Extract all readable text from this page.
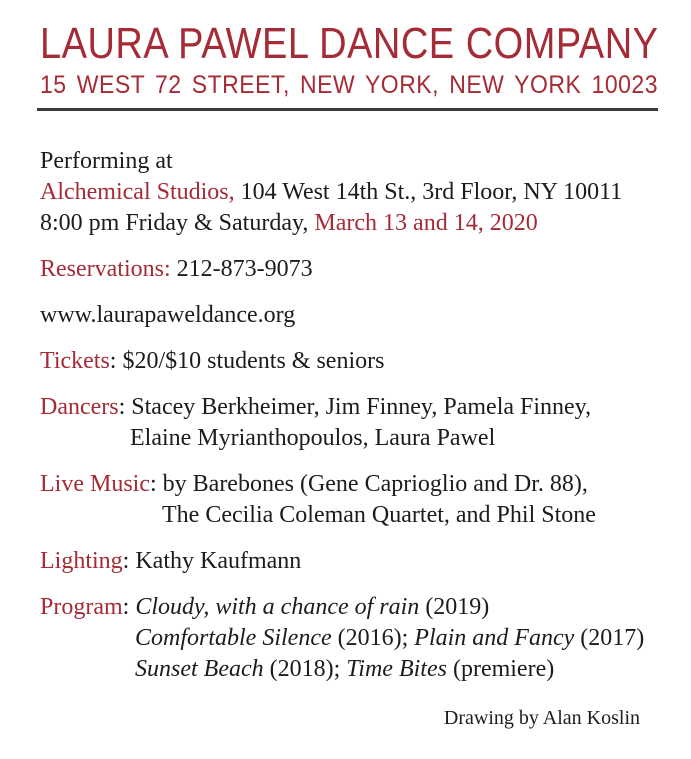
LAURA PAWEL DANCE COMPANY
15 WEST 72 STREET, NEW YORK, NEW YORK 10023
Performing at
Alchemical Studios, 104 West 14th St., 3rd Floor, NY 10011
8:00 pm Friday & Saturday, March 13 and 14, 2020
Reservations: 212-873-9073
www.laurapaweldance.org
Tickets: $20/$10 students & seniors
Dancers: Stacey Berkheimer, Jim Finney, Pamela Finney,
Elaine Myrianthopoulos, Laura Pawel
Live Music: by Barebones (Gene Caprioglio and Dr. 88),
The Cecilia Coleman Quartet, and Phil Stone
Lighting: Kathy Kaufmann
Program: Cloudy, with a chance of rain (2019)
Comfortable Silence (2016); Plain and Fancy (2017)
Sunset Beach (2018); Time Bites (premiere)
Drawing by Alan Koslin
